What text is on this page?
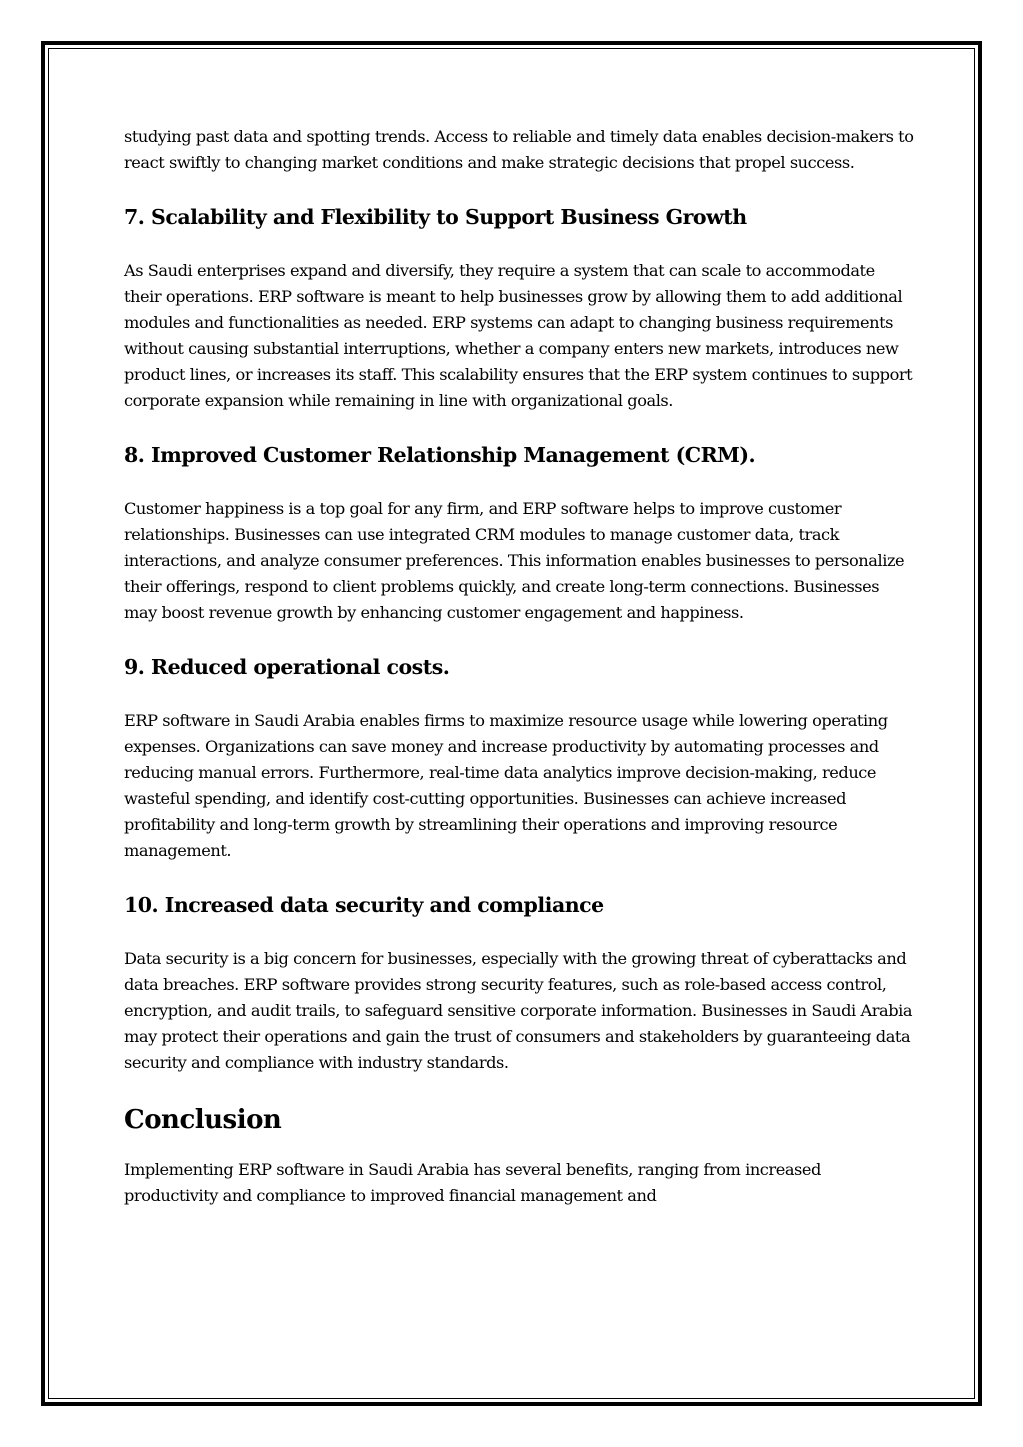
studying past data and spotting trends. Access to reliable and timely data enables decision-makers to react swiftly to changing market conditions and make strategic decisions that propel success.

7. Scalability and Flexibility to Support Business Growth

As Saudi enterprises expand and diversify, they require a system that can scale to accommodate their operations. ERP software is meant to help businesses grow by allowing them to add additional modules and functionalities as needed. ERP systems can adapt to changing business requirements without causing substantial interruptions, whether a company enters new markets, introduces new product lines, or increases its staff. This scalability ensures that the ERP system continues to support corporate expansion while remaining in line with organizational goals.

8. Improved Customer Relationship Management (CRM).

Customer happiness is a top goal for any firm, and ERP software helps to improve customer relationships. Businesses can use integrated CRM modules to manage customer data, track interactions, and analyze consumer preferences. This information enables businesses to personalize their offerings, respond to client problems quickly, and create long-term connections. Businesses may boost revenue growth by enhancing customer engagement and happiness.

9. Reduced operational costs.

ERP software in Saudi Arabia enables firms to maximize resource usage while lowering operating expenses. Organizations can save money and increase productivity by automating processes and reducing manual errors. Furthermore, real-time data analytics improve decision-making, reduce wasteful spending, and identify cost-cutting opportunities. Businesses can achieve increased profitability and long-term growth by streamlining their operations and improving resource management.

10. Increased data security and compliance

Data security is a big concern for businesses, especially with the growing threat of cyberattacks and data breaches. ERP software provides strong security features, such as role-based access control, encryption, and audit trails, to safeguard sensitive corporate information. Businesses in Saudi Arabia may protect their operations and gain the trust of consumers and stakeholders by guaranteeing data security and compliance with industry standards.

Conclusion

Implementing ERP software in Saudi Arabia has several benefits, ranging from increased productivity and compliance to improved financial management and
